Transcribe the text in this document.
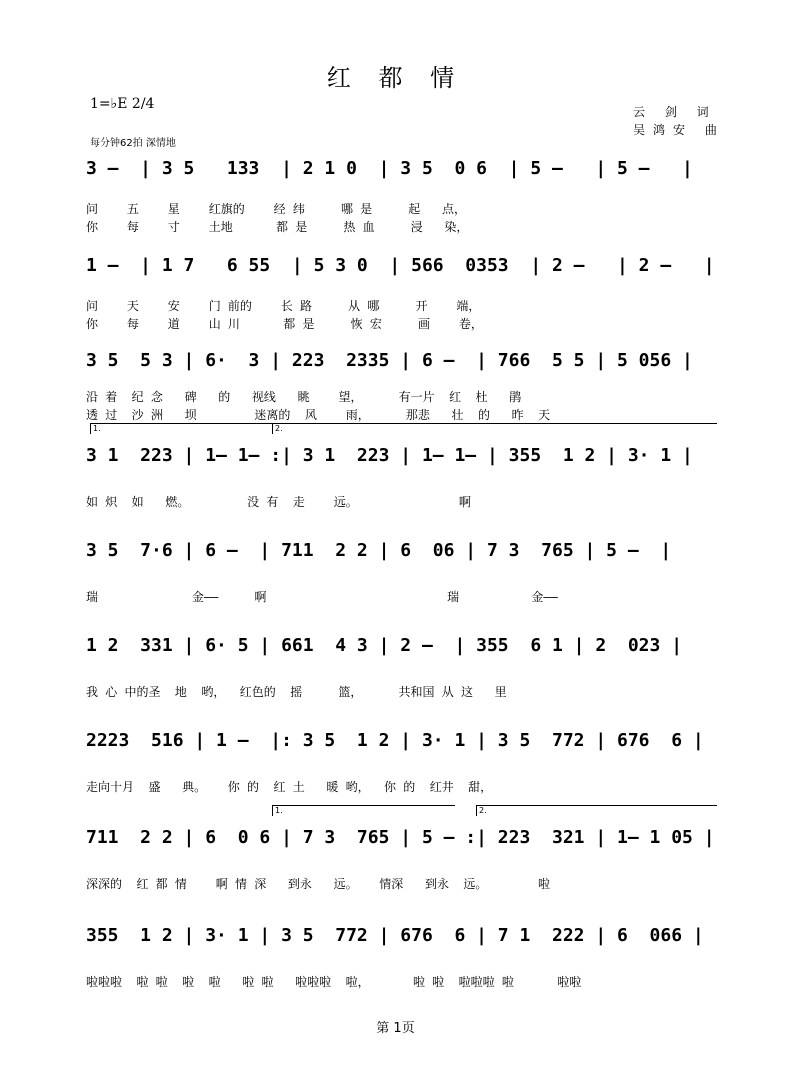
红 都 情
1=♭E 2/4
每分钟62拍 深情地
云 剑 词
吴鸿安 曲
3 –  | 3 5   133  | 2 1 0  | 3 5  0 6  | 5 –   | 5 –   |
问    五    星    红旗的    经 纬     哪 是     起   点，
你    每    寸    土地      都 是     热 血     浸   染，
1 –  | 1 7   6 55  | 5 3 0  | 566  0353  | 2 –   | 2 –   |
问    天    安    门 前的    长 路     从 哪     开    端，
你    每    道    山 川      都 是     恢 宏     画    卷，
3 5  5 3 | 6·  3 | 223  2335 | 6 –  | 766  5 5 | 5 056 |
沿 着  纪 念   碑   的   视线   眺    望，     有一片  红  杜   鹃
透 过  沙 洲   坝        迷离的  风    雨，     那悲   壮  的   昨  天
1.	2.
3 1  223 | 1– 1– :| 3 1  223 | 1– 1– | 355  1 2 | 3· 1 |
如 炽  如   燃。        没 有  走    远。              啊
3 5  7·6 | 6 –  | 711  2 2 | 6  06 | 7 3  765 | 5 –  |
瑞             金——     啊                         瑞          金——
1 2  331 | 6· 5 | 661  4 3 | 2 –  | 355  6 1 | 2  023 |
我 心 中的圣  地  哟，  红色的  摇     篮，     共和国 从 这   里
2223  516 | 1 –  |: 3 5  1 2 | 3· 1 | 3 5  772 | 676  6 |
走向十月  盛   典。   你 的  红 土   暖 哟，  你 的  红井  甜，
1.	2.
711  2 2 | 6  0 6 | 7 3  765 | 5 – :| 223  321 | 1– 1 05 |
深深的  红 都 情    啊 情 深   到永   远。   情深   到永  远。       啦
355  1 2 | 3· 1 | 3 5  772 | 676  6 | 7 1  222 | 6  066 |
啦啦啦  啦 啦  啦  啦   啦 啦   啦啦啦  啦，      啦 啦  啦啦啦 啦      啦啦
第 1页
